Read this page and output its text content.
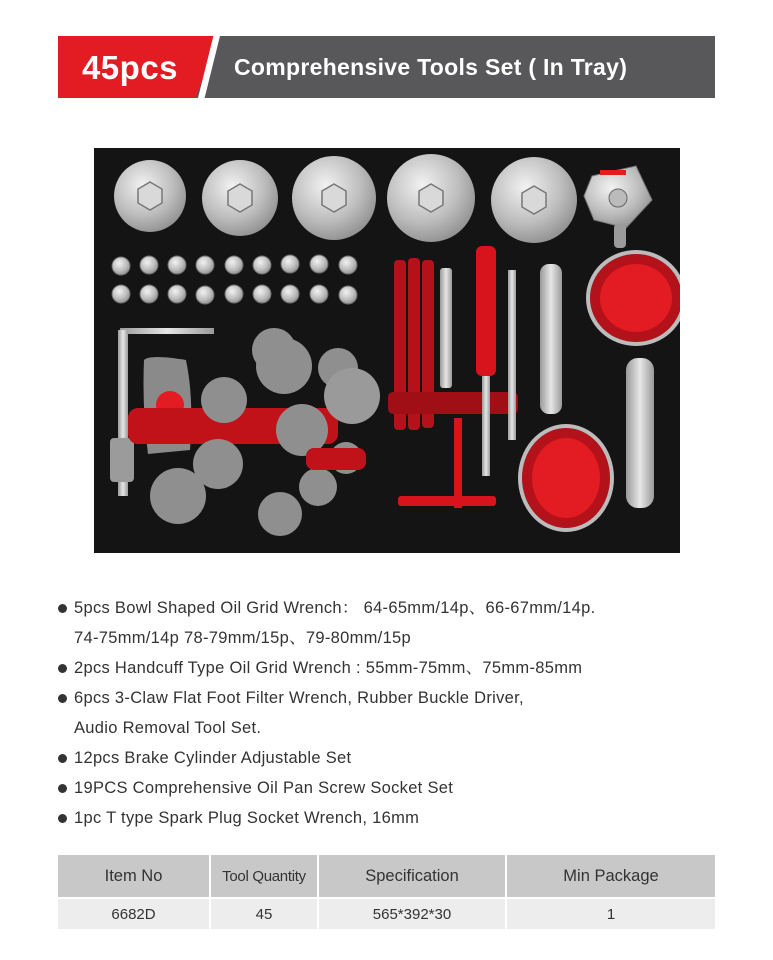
45pcs	Comprehensive Tools Set ( In Tray)
5pcs Bowl Shaped Oil Grid Wrench： 64-65mm/14p、66-67mm/14p.
74-75mm/14p 78-79mm/15p、79-80mm/15p
2pcs Handcuff Type Oil Grid Wrench : 55mm-75mm、75mm-85mm
6pcs 3-Claw Flat Foot Filter Wrench, Rubber Buckle Driver,
Audio Removal Tool Set.
12pcs Brake Cylinder Adjustable Set
19PCS Comprehensive Oil Pan Screw Socket Set
1pc T type Spark Plug Socket Wrench, 16mm
Item No	Tool Quantity	Specification	Min Package
6682D	45	565*392*30	1
